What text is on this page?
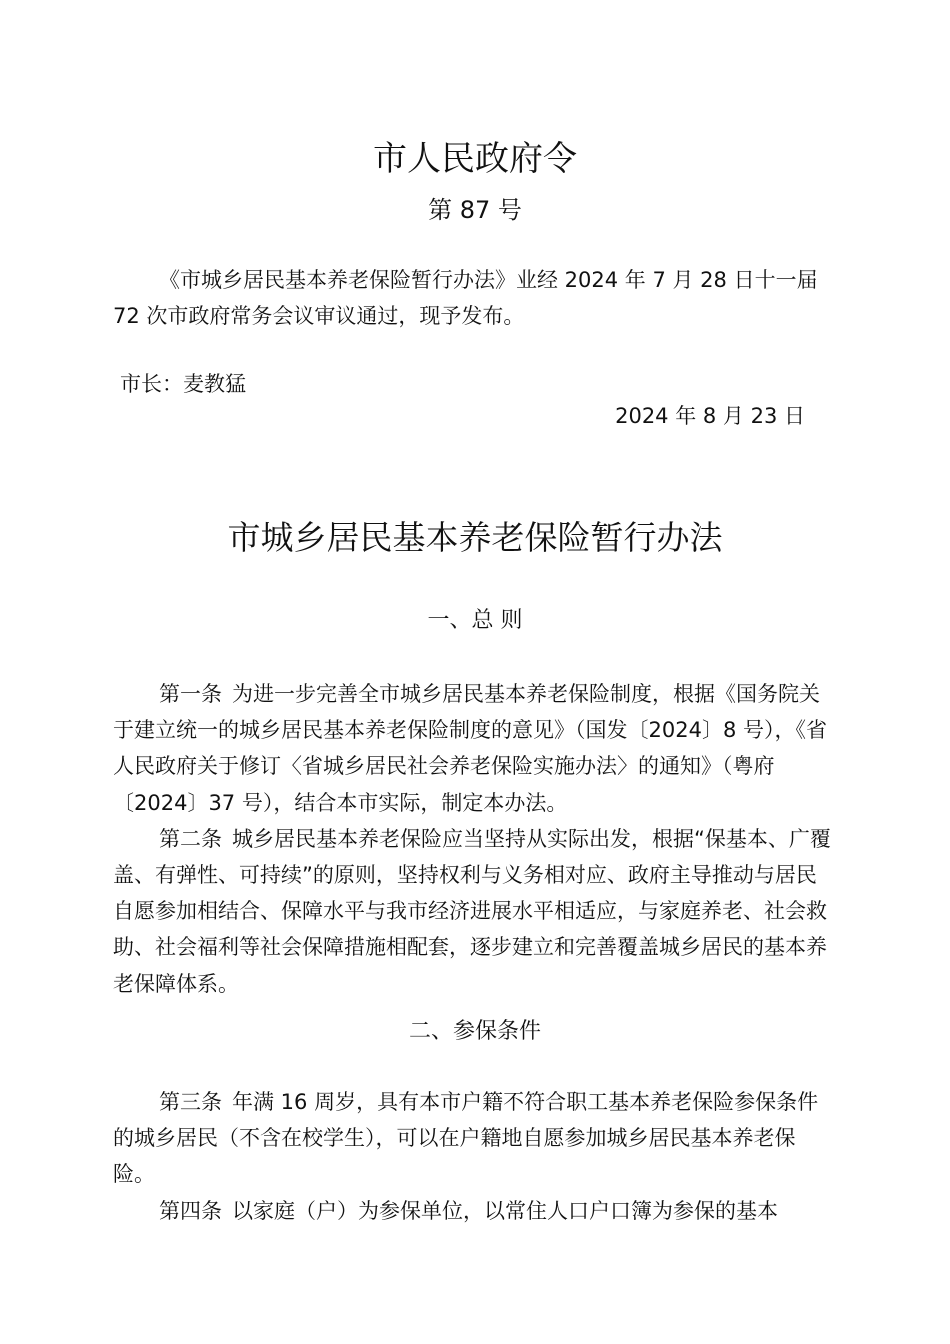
市人民政府令
第 87 号

《市城乡居民基本养老保险暂行办法》业经 2024 年 7 月 28 日十一届 72 次市政府常务会议审议通过，现予发布。

市长：麦教猛
2024 年 8 月 23 日
市城乡居民基本养老保险暂行办法
一、总 则

第一条 为进一步完善全市城乡居民基本养老保险制度，根据《国务院关于建立统一的城乡居民基本养老保险制度的意见》（国发〔2024〕8 号），《省人民政府关于修订〈省城乡居民社会养老保险实施办法〉的通知》（粤府〔2024〕37 号），结合本市实际，制定本办法。

第二条 城乡居民基本养老保险应当坚持从实际出发，根据“保基本、广覆盖、有弹性、可持续”的原则，坚持权利与义务相对应、政府主导推动与居民自愿参加相结合、保障水平与我市经济进展水平相适应，与家庭养老、社会救助、社会福利等社会保障措施相配套，逐步建立和完善覆盖城乡居民的基本养老保障体系。

二、参保条件

第三条 年满 16 周岁，具有本市户籍不符合职工基本养老保险参保条件的城乡居民（不含在校学生），可以在户籍地自愿参加城乡居民基本养老保险。

第四条 以家庭（户）为参保单位，以常住人口户口簿为参保的基本
